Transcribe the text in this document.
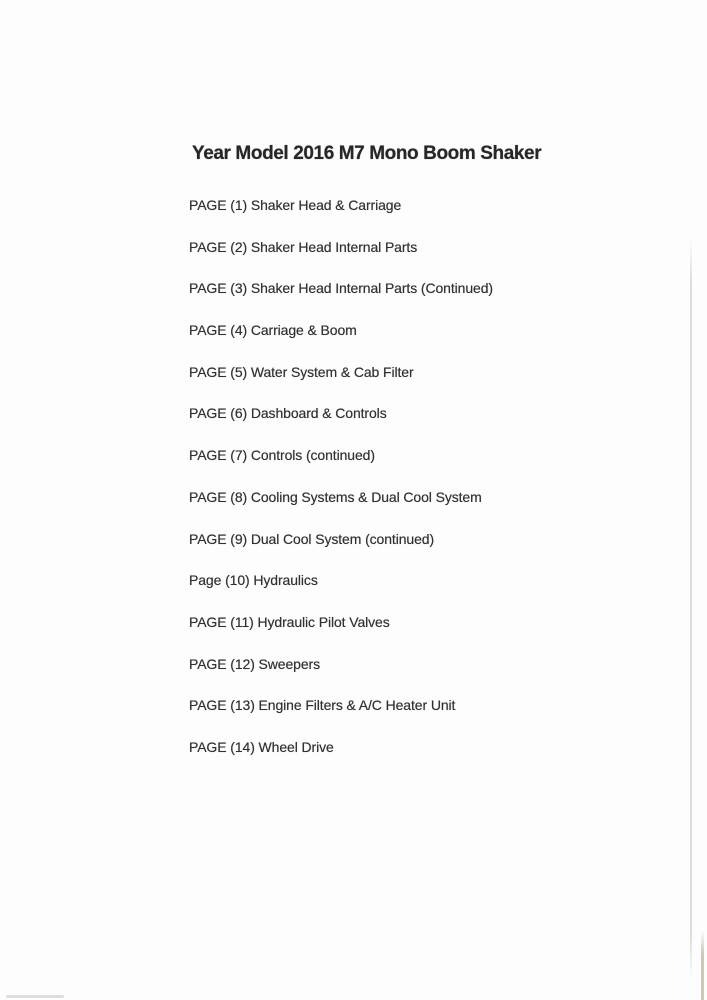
Year Model 2016 M7 Mono Boom Shaker
PAGE (1) Shaker Head & Carriage
PAGE (2) Shaker Head Internal Parts
PAGE (3) Shaker Head Internal Parts (Continued)
PAGE (4) Carriage & Boom
PAGE (5) Water System & Cab Filter
PAGE (6) Dashboard & Controls
PAGE (7) Controls (continued)
PAGE (8) Cooling Systems & Dual Cool System
PAGE (9) Dual Cool System (continued)
Page (10) Hydraulics
PAGE (11) Hydraulic Pilot Valves
PAGE (12) Sweepers
PAGE (13) Engine Filters & A/C Heater Unit
PAGE (14) Wheel Drive
